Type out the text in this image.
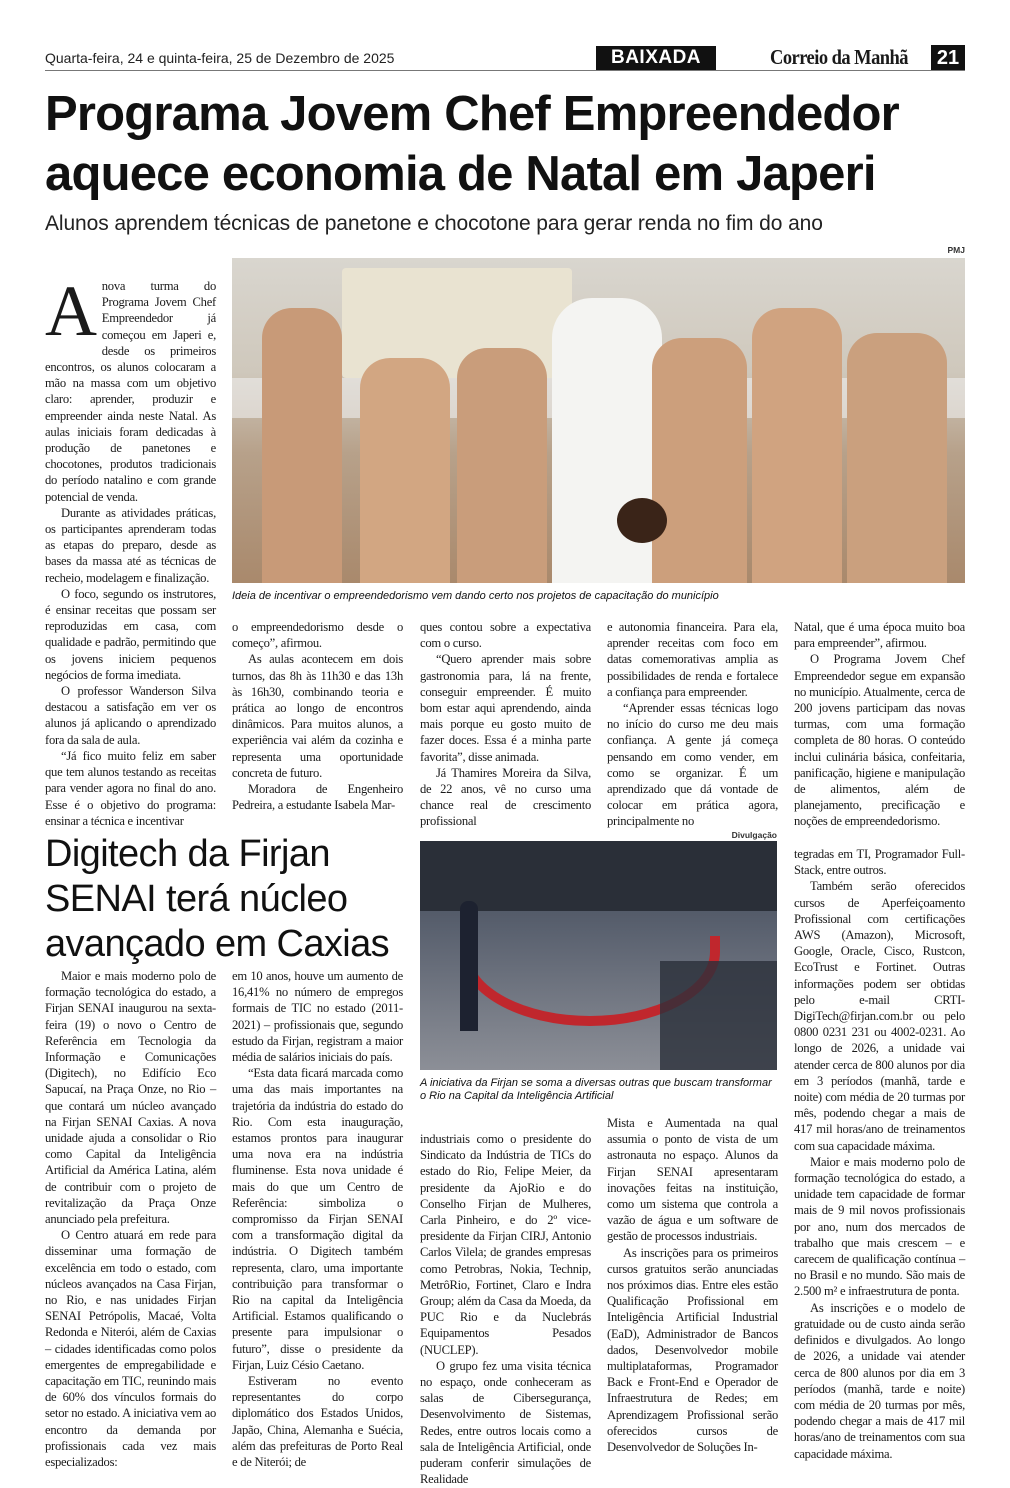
Quarta-feira, 24 e quinta-feira, 25 de Dezembro de 2025	BAIXADA	Correio da Manhã 21
Programa Jovem Chef Empreendedor aquece economia de Natal em Japeri
Alunos aprendem técnicas de panetone e chocotone para gerar renda no fim do ano
PMJ
Ideia de incentivar o empreendedorismo vem dando certo nos projetos de capacitação do município
A nova turma do Programa Jovem Chef Empreendedor já começou em Japeri e, desde os primeiros encontros, os alunos colocaram a mão na massa com um objetivo claro: aprender, produzir e empreender ainda neste Natal. As aulas iniciais foram dedicadas à produção de panetones e chocotones, produtos tradicionais do período natalino e com grande potencial de venda.

Durante as atividades práticas, os participantes aprenderam todas as etapas do preparo, desde as bases da massa até as técnicas de recheio, modelagem e finalização.

O foco, segundo os instrutores, é ensinar receitas que possam ser reproduzidas em casa, com qualidade e padrão, permitindo que os jovens iniciem pequenos negócios de forma imediata.

O professor Wanderson Silva destacou a satisfação em ver os alunos já aplicando o aprendizado fora da sala de aula.

“Já fico muito feliz em saber que tem alunos testando as receitas para vender agora no final do ano. Esse é o objetivo do programa: ensinar a técnica e incentivar

o empreendedorismo desde o começo”, afirmou.

As aulas acontecem em dois turnos, das 8h às 11h30 e das 13h às 16h30, combinando teoria e prática ao longo de encontros dinâmicos. Para muitos alunos, a experiência vai além da cozinha e representa uma oportunidade concreta de futuro.

Moradora de Engenheiro Pedreira, a estudante Isabela Mar-

ques contou sobre a expectativa com o curso.

“Quero aprender mais sobre gastronomia para, lá na frente, conseguir empreender. É muito bom estar aqui aprendendo, ainda mais porque eu gosto muito de fazer doces. Essa é a minha parte favorita”, disse animada.

Já Thamires Moreira da Silva, de 22 anos, vê no curso uma chance real de crescimento profissional

e autonomia financeira. Para ela, aprender receitas com foco em datas comemorativas amplia as possibilidades de renda e fortalece a confiança para empreender.

“Aprender essas técnicas logo no início do curso me deu mais confiança. A gente já começa pensando em como vender, em como se organizar. É um aprendizado que dá vontade de colocar em prática agora, principalmente no

Natal, que é uma época muito boa para empreender”, afirmou.

O Programa Jovem Chef Empreendedor segue em expansão no município. Atualmente, cerca de 200 jovens participam das novas turmas, com uma formação completa de 80 horas. O conteúdo inclui culinária básica, confeitaria, panificação, higiene e manipulação de alimentos, além de planejamento, precificação e noções de empreendedorismo.

Digitech da Firjan SENAI terá núcleo avançado em Caxias
Divulgação
A iniciativa da Firjan se soma a diversas outras que buscam transformar o Rio na Capital da Inteligência Artificial

Maior e mais moderno polo de formação tecnológica do estado, a Firjan SENAI inaugurou na sexta-feira (19) o novo o Centro de Referência em Tecnologia da Informação e Comunicações (Digitech), no Edifício Eco Sapucaí, na Praça Onze, no Rio – que contará um núcleo avançado na Firjan SENAI Caxias. A nova unidade ajuda a consolidar o Rio como Capital da Inteligência Artificial da América Latina, além de contribuir com o projeto de revitalização da Praça Onze anunciado pela prefeitura.

O Centro atuará em rede para disseminar uma formação de excelência em todo o estado, com núcleos avançados na Casa Firjan, no Rio, e nas unidades Firjan SENAI Petrópolis, Macaé, Volta Redonda e Niterói, além de Caxias – cidades identificadas como polos emergentes de empregabilidade e capacitação em TIC, reunindo mais de 60% dos vínculos formais do setor no estado. A iniciativa vem ao encontro da demanda por profissionais cada vez mais especializados:

em 10 anos, houve um aumento de 16,41% no número de empregos formais de TIC no estado (2011-2021) – profissionais que, segundo estudo da Firjan, registram a maior média de salários iniciais do país.

“Esta data ficará marcada como uma das mais importantes na trajetória da indústria do estado do Rio. Com esta inauguração, estamos prontos para inaugurar uma nova era na indústria fluminense. Esta nova unidade é mais do que um Centro de Referência: simboliza o compromisso da Firjan SENAI com a transformação digital da indústria. O Digitech também representa, claro, uma importante contribuição para transformar o Rio na capital da Inteligência Artificial. Estamos qualificando o presente para impulsionar o futuro”, disse o presidente da Firjan, Luiz Césio Caetano.

Estiveram no evento representantes do corpo diplomático dos Estados Unidos, Japão, China, Alemanha e Suécia, além das prefeituras de Porto Real e de Niterói; de

industriais como o presidente do Sindicato da Indústria de TICs do estado do Rio, Felipe Meier, da presidente da AjoRio e do Conselho Firjan de Mulheres, Carla Pinheiro, e do 2º vice-presidente da Firjan CIRJ, Antonio Carlos Vilela; de grandes empresas como Petrobras, Nokia, Technip, MetrôRio, Fortinet, Claro e Indra Group; além da Casa da Moeda, da PUC Rio e da Nuclebrás Equipamentos Pesados (NUCLEP).

O grupo fez uma visita técnica no espaço, onde conheceram as salas de Cibersegurança, Desenvolvimento de Sistemas, Redes, entre outros locais como a sala de Inteligência Artificial, onde puderam conferir simulações de Realidade

Mista e Aumentada na qual assumia o ponto de vista de um astronauta no espaço. Alunos da Firjan SENAI apresentaram inovações feitas na instituição, como um sistema que controla a vazão de água e um software de gestão de processos industriais.

As inscrições para os primeiros cursos gratuitos serão anunciadas nos próximos dias. Entre eles estão Qualificação Profissional em Inteligência Artificial Industrial (EaD), Administrador de Bancos dados, Desenvolvedor mobile multiplataformas, Programador Back e Front-End e Operador de Infraestrutura de Redes; em Aprendizagem Profissional serão oferecidos cursos de Desenvolvedor de Soluções In-

tegradas em TI, Programador Full-Stack, entre outros.

Também serão oferecidos cursos de Aperfeiçoamento Profissional com certificações AWS (Amazon), Microsoft, Google, Oracle, Cisco, Rustcon, EcoTrust e Fortinet. Outras informações podem ser obtidas pelo e-mail CRTI-DigiTech@firjan.com.br ou pelo 0800 0231 231 ou 4002-0231. Ao longo de 2026, a unidade vai atender cerca de 800 alunos por dia em 3 períodos (manhã, tarde e noite) com média de 20 turmas por mês, podendo chegar a mais de 417 mil horas/ano de treinamentos com sua capacidade máxima.

Maior e mais moderno polo de formação tecnológica do estado, a unidade tem capacidade de formar mais de 9 mil novos profissionais por ano, num dos mercados de trabalho que mais crescem – e carecem de qualificação contínua – no Brasil e no mundo. São mais de 2.500 m² e infraestrutura de ponta.

As inscrições e o modelo de gratuidade ou de custo ainda serão definidos e divulgados. Ao longo de 2026, a unidade vai atender cerca de 800 alunos por dia em 3 períodos (manhã, tarde e noite) com média de 20 turmas por mês, podendo chegar a mais de 417 mil horas/ano de treinamentos com sua capacidade máxima.
